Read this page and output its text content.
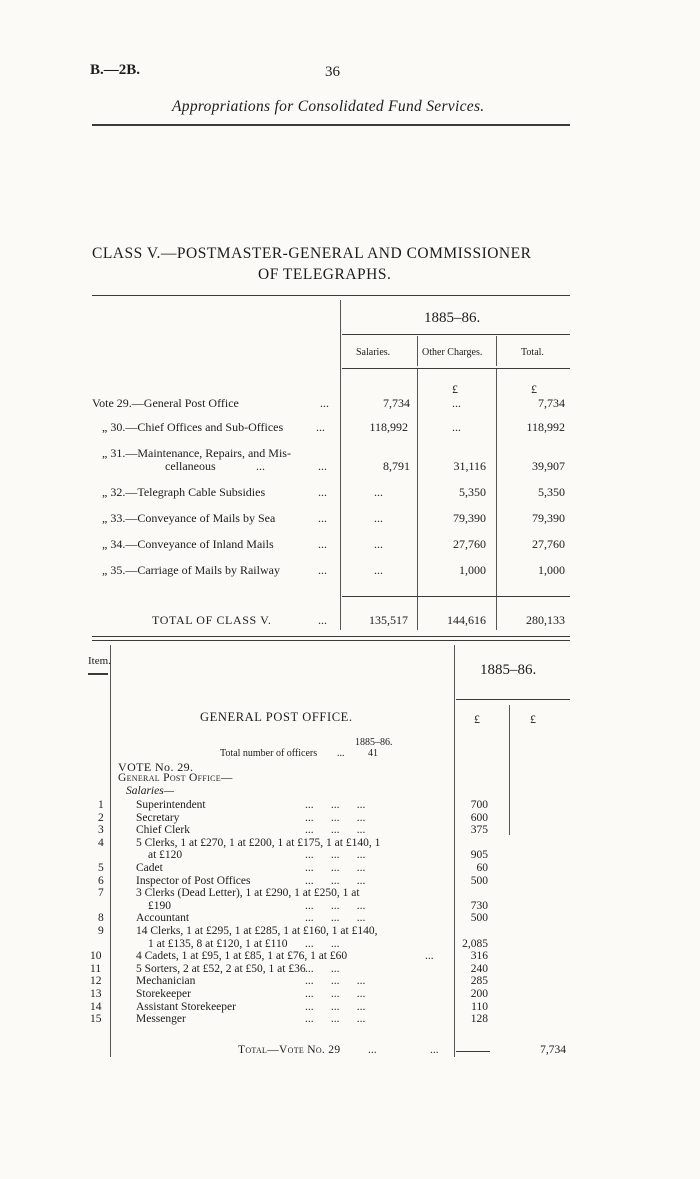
B.—2B.	36
Appropriations for Consolidated Fund Services.
CLASS V.—POSTMASTER-GENERAL AND COMMISSIONER
OF TELEGRAPHS.
1885–86.
Salaries.	Other Charges.	Total.
£	£
Vote 29.—General Post Office	...	7,734	...	7,734
„ 30.—Chief Offices and Sub-Offices	...	118,992	...	118,992
„ 31.—Maintenance, Repairs, and Mis-
cellaneous	...	...	8,791	31,116	39,907
„ 32.—Telegraph Cable Subsidies	...	...	5,350	5,350
„ 33.—Conveyance of Mails by Sea	...	...	79,390	79,390
„ 34.—Conveyance of Inland Mails	...	...	27,760	27,760
„ 35.—Carriage of Mails by Railway	...	...	1,000	1,000
TOTAL OF CLASS V.	...	135,517	144,616	280,133
Item.
1885–86.
GENERAL POST OFFICE.	£	£
1885–86.
Total number of officers ... 41
VOTE No. 29.
General Post Office—
Salaries—
1	Superintendent	...      ...      ...	700
2	Secretary	...      ...      ...	600
3	Chief Clerk	...      ...      ...	375
4	5 Clerks, 1 at £270, 1 at £200, 1 at £175, 1 at £140, 1
at £120	...      ...      ...	905
5	Cadet	...      ...      ...	60
6	Inspector of Post Offices	...      ...      ...	500
7	3 Clerks (Dead Letter), 1 at £290, 1 at £250, 1 at
£190	...      ...      ...	730
8	Accountant	...      ...      ...	500
9	14 Clerks, 1 at £295, 1 at £285, 1 at £160, 1 at £140,
1 at £135, 8 at £120, 1 at £110 ...      ...	2,085
10	4 Cadets, 1 at £95, 1 at £85, 1 at £76, 1 at £60	...	316
11	5 Sorters, 2 at £52, 2 at £50, 1 at £36 ...      ...	240
12	Mechanician	...      ...      ...	285
13	Storekeeper	...      ...      ...	200
14	Assistant Storekeeper	...      ...      ...	110
15	Messenger	...      ...      ...	128
Total—Vote No. 29 ...	...	7,734
